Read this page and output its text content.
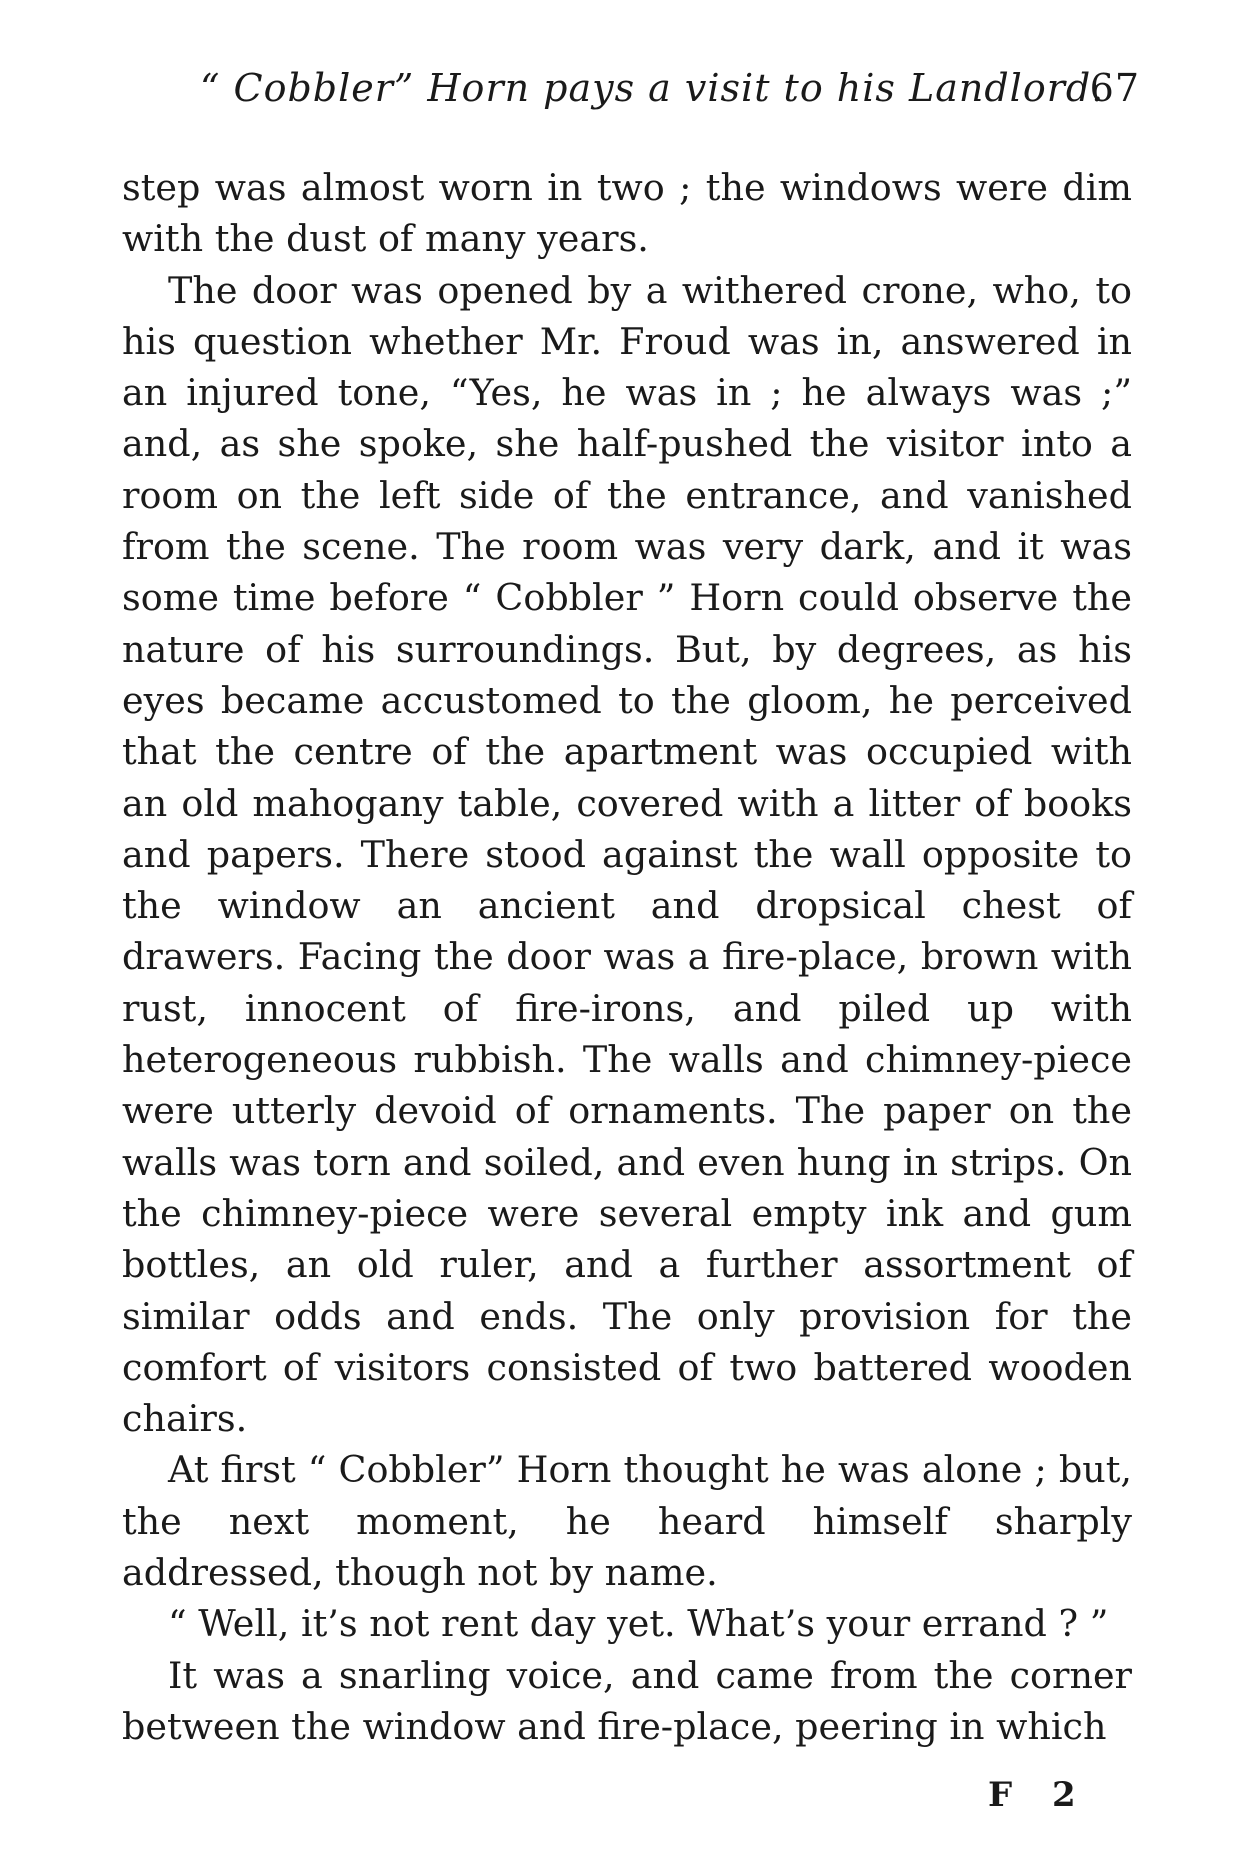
“ Cobbler” Horn pays a visit to his Landlord.
67

step was almost worn in two ; the windows were dim with the dust of many years.

The door was opened by a withered crone, who, to his question whether Mr. Froud was in, answered in an injured tone, “Yes, he was in ; he always was ;” and, as she spoke, she half-pushed the visitor into a room on the left side of the entrance, and vanished from the scene. The room was very dark, and it was some time before “ Cobbler ” Horn could observe the nature of his surroundings. But, by degrees, as his eyes became accustomed to the gloom, he perceived that the centre of the apartment was occupied with an old mahogany table, covered with a litter of books and papers. There stood against the wall opposite to the window an ancient and dropsical chest of drawers. Facing the door was a fire-place, brown with rust, innocent of fire-irons, and piled up with heterogeneous rubbish. The walls and chimney-piece were utterly devoid of ornaments. The paper on the walls was torn and soiled, and even hung in strips. On the chimney-piece were several empty ink and gum bottles, an old ruler, and a further assortment of similar odds and ends. The only provision for the comfort of visitors consisted of two battered wooden chairs.

At first “ Cobbler” Horn thought he was alone ; but, the next moment, he heard himself sharply addressed, though not by name.

“ Well, it’s not rent day yet. What’s your errand ? ”

It was a snarling voice, and came from the corner between the window and fire-place, peering in which

F 2
